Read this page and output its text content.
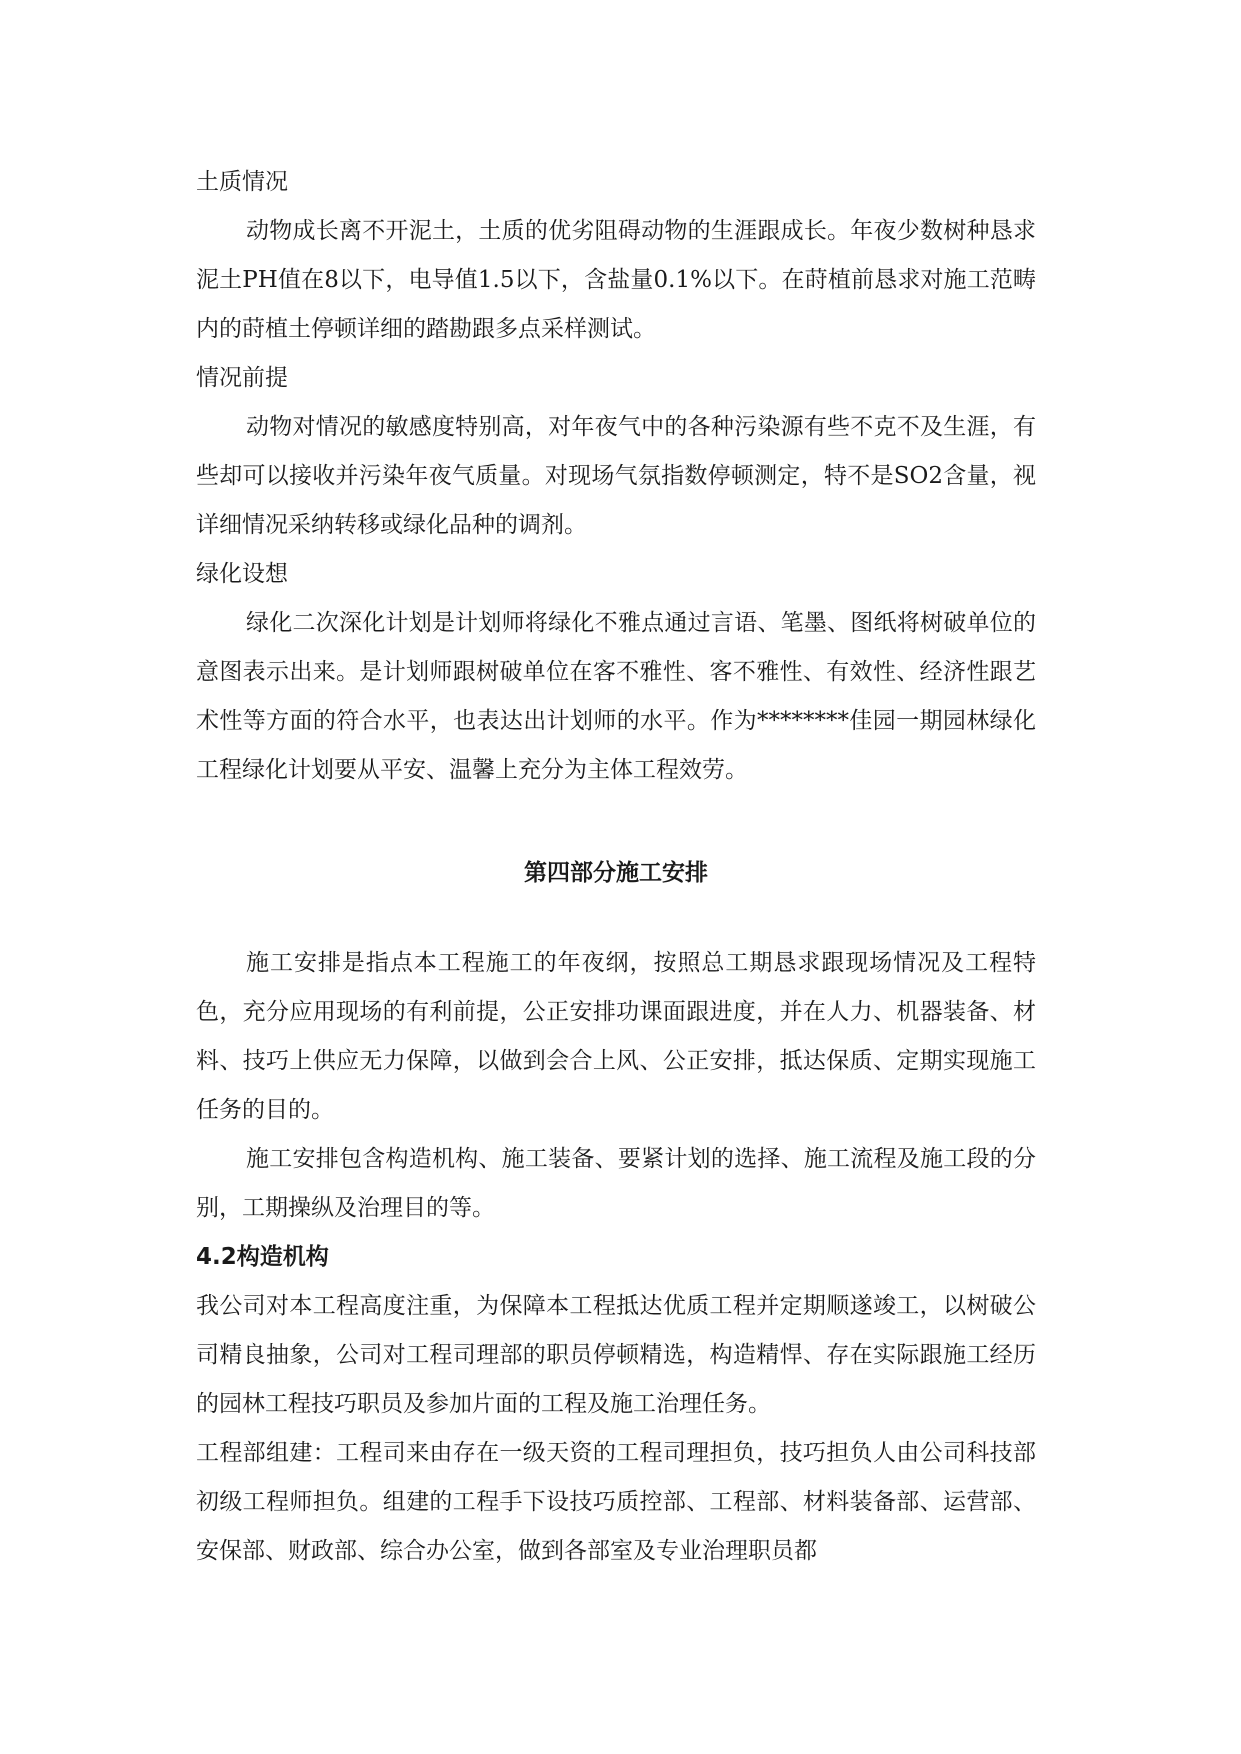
土质情况

动物成长离不开泥土，土质的优劣阻碍动物的生涯跟成长。年夜少数树种恳求泥土PH值在8以下，电导值1.5以下，含盐量0.1%以下。在莳植前恳求对施工范畴内的莳植土停顿详细的踏勘跟多点采样测试。

情况前提

动物对情况的敏感度特别高，对年夜气中的各种污染源有些不克不及生涯，有些却可以接收并污染年夜气质量。对现场气氛指数停顿测定，特不是SO2含量，视详细情况采纳转移或绿化品种的调剂。

绿化设想

绿化二次深化计划是计划师将绿化不雅点通过言语、笔墨、图纸将树破单位的意图表示出来。是计划师跟树破单位在客不雅性、客不雅性、有效性、经济性跟艺术性等方面的符合水平，也表达出计划师的水平。作为********佳园一期园林绿化工程绿化计划要从平安、温馨上充分为主体工程效劳。

第四部分施工安排

施工安排是指点本工程施工的年夜纲，按照总工期恳求跟现场情况及工程特色，充分应用现场的有利前提，公正安排功课面跟进度，并在人力、机器装备、材料、技巧上供应无力保障，以做到会合上风、公正安排，抵达保质、定期实现施工任务的目的。

施工安排包含构造机构、施工装备、要紧计划的选择、施工流程及施工段的分别，工期操纵及治理目的等。

4.2构造机构

我公司对本工程高度注重，为保障本工程抵达优质工程并定期顺遂竣工，以树破公司精良抽象，公司对工程司理部的职员停顿精选，构造精悍、存在实际跟施工经历的园林工程技巧职员及参加片面的工程及施工治理任务。

工程部组建：工程司来由存在一级天资的工程司理担负，技巧担负人由公司科技部初级工程师担负。组建的工程手下设技巧质控部、工程部、材料装备部、运营部、安保部、财政部、综合办公室，做到各部室及专业治理职员都
